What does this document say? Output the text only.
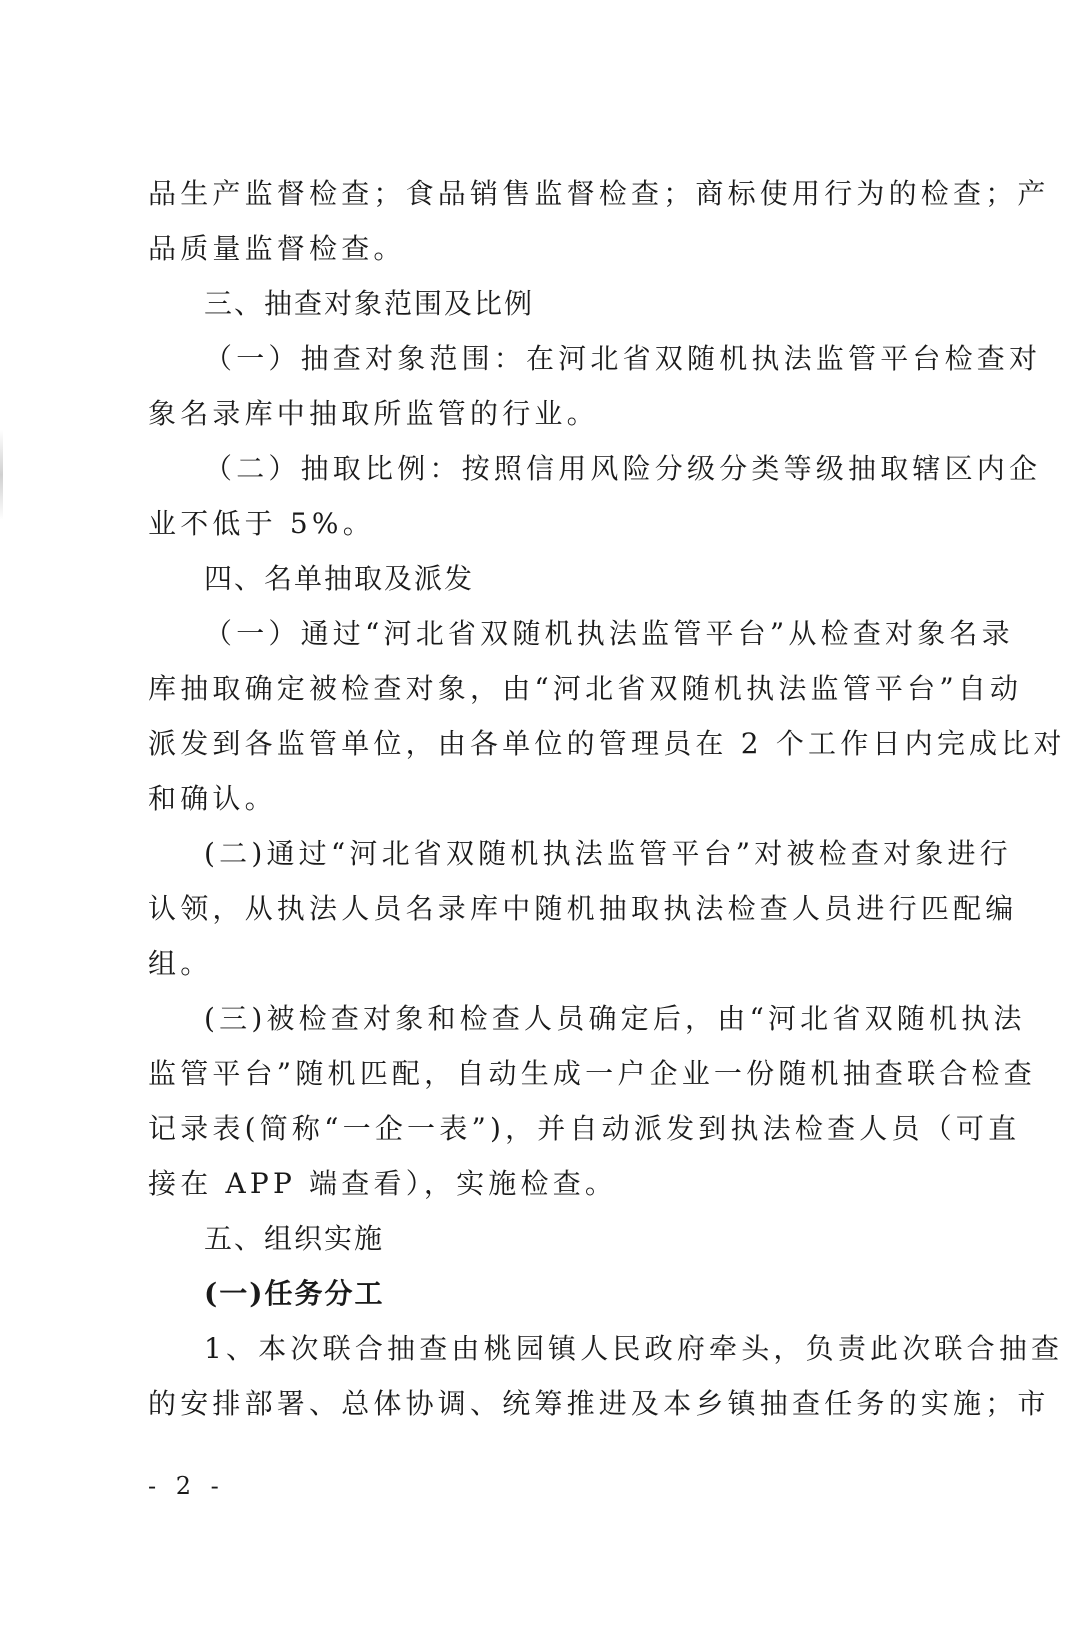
品生产监督检查；食品销售监督检查；商标使用行为的检查；产
品质量监督检查。
三、抽查对象范围及比例
（一）抽查对象范围：在河北省双随机执法监管平台检查对
象名录库中抽取所监管的行业。
（二）抽取比例：按照信用风险分级分类等级抽取辖区内企
业不低于 5%。
四、名单抽取及派发
（一）通过“河北省双随机执法监管平台”从检查对象名录
库抽取确定被检查对象，由“河北省双随机执法监管平台”自动
派发到各监管单位，由各单位的管理员在 2 个工作日内完成比对
和确认。
(二)通过“河北省双随机执法监管平台”对被检查对象进行
认领，从执法人员名录库中随机抽取执法检查人员进行匹配编
组。
(三)被检查对象和检查人员确定后，由“河北省双随机执法
监管平台”随机匹配，自动生成一户企业一份随机抽查联合检查
记录表(简称“一企一表”)，并自动派发到执法检查人员（可直
接在 APP 端查看），实施检查。
五、组织实施
(一)任务分工
1、本次联合抽查由桃园镇人民政府牵头，负责此次联合抽查
的安排部署、总体协调、统筹推进及本乡镇抽查任务的实施；市
- 2 -
